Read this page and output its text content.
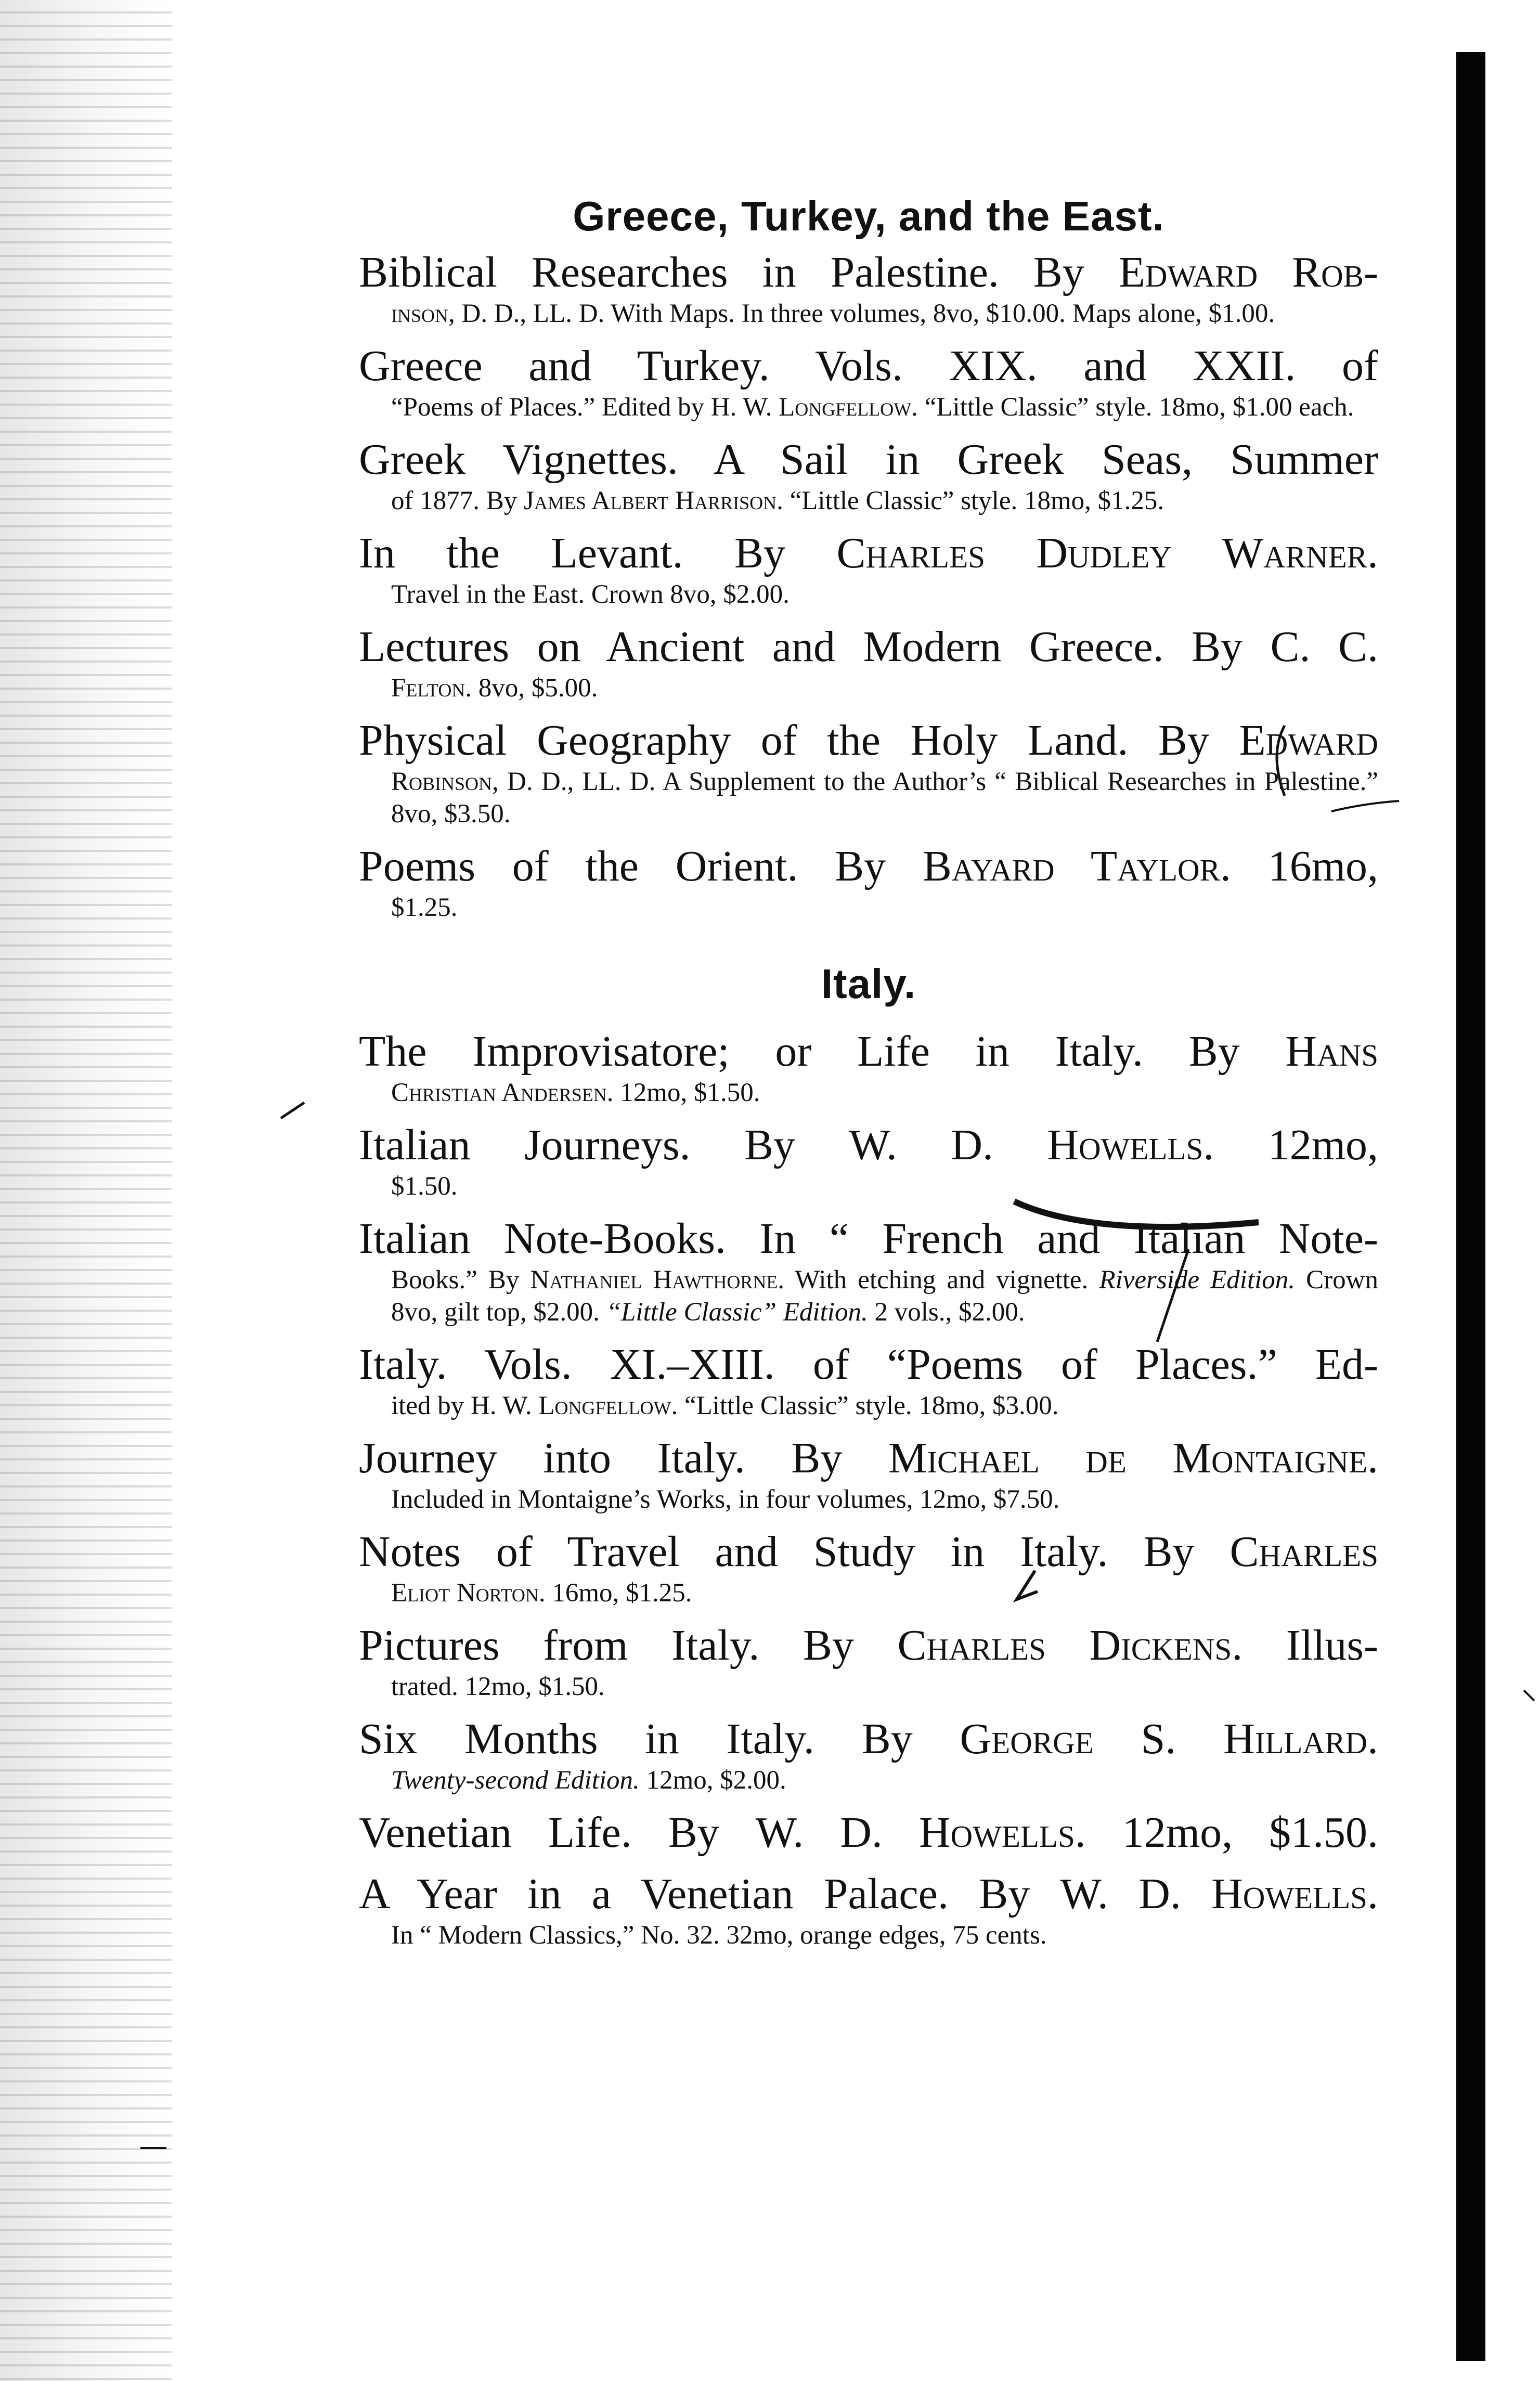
Greece, Turkey, and the East.
Biblical Researches in Palestine. By Edward Rob-
inson, D. D., LL. D. With Maps. In three volumes, 8vo, $10.00. Maps alone, $1.00.
Greece and Turkey. Vols. XIX. and XXII. of
“Poems of Places.” Edited by H. W. Longfellow. “Little Classic” style. 18mo, $1.00 each.
Greek Vignettes. A Sail in Greek Seas, Summer
of 1877. By James Albert Harrison. “Little Classic” style. 18mo, $1.25.
In the Levant. By Charles Dudley Warner.
Travel in the East. Crown 8vo, $2.00.
Lectures on Ancient and Modern Greece. By C. C.
Felton. 8vo, $5.00.
Physical Geography of the Holy Land. By Edward
Robinson, D. D., LL. D. A Supplement to the Author’s “ Biblical Researches in Palestine.” 8vo, $3.50.
Poems of the Orient. By Bayard Taylor. 16mo,
$1.25.
Italy.
The Improvisatore; or Life in Italy. By Hans
Christian Andersen. 12mo, $1.50.
Italian Journeys. By W. D. Howells. 12mo,
$1.50.
Italian Note-Books. In “ French and Italian Note-
Books.” By Nathaniel Hawthorne. With etching and vignette. Riverside Edition. Crown 8vo, gilt top, $2.00. “Little Classic” Edition. 2 vols., $2.00.
Italy. Vols. XI.–XIII. of “Poems of Places.” Ed-
ited by H. W. Longfellow. “Little Classic” style. 18mo, $3.00.
Journey into Italy. By Michael de Montaigne.
Included in Montaigne’s Works, in four volumes, 12mo, $7.50.
Notes of Travel and Study in Italy. By Charles
Eliot Norton. 16mo, $1.25.
Pictures from Italy. By Charles Dickens. Illus-
trated. 12mo, $1.50.
Six Months in Italy. By George S. Hillard.
Twenty-second Edition. 12mo, $2.00.
Venetian Life. By W. D. Howells. 12mo, $1.50.
A Year in a Venetian Palace. By W. D. Howells.
In “ Modern Classics,” No. 32. 32mo, orange edges, 75 cents.
